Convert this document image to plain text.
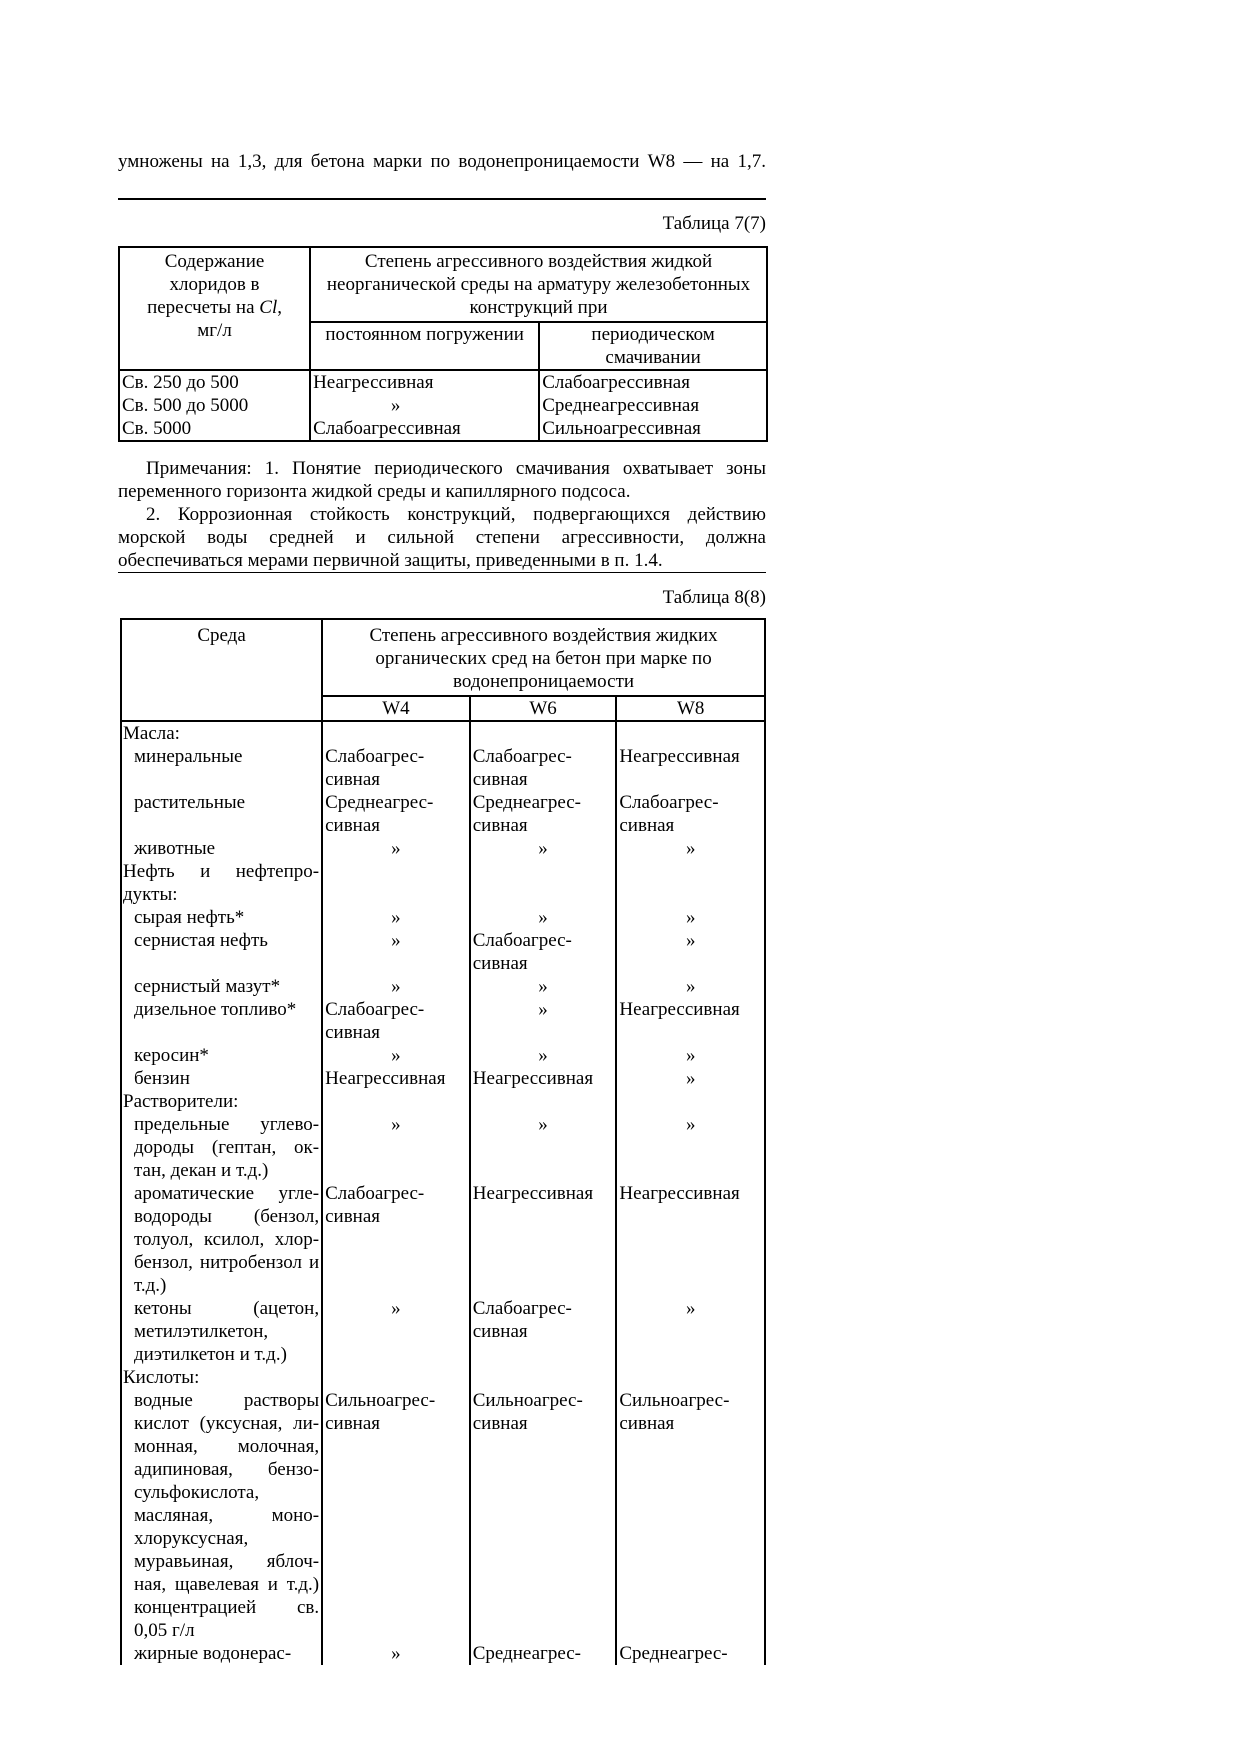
умножены на 1,3, для бетона марки по водонепроницаемости W8 — на 1,7.
Таблица 7(7)
Содержание
хлоридов в
пересчеты на Cl,
мг/л	Степень агрессивного воздействия жидкой неорганической среды на арматуру железобетонных конструкций при	
	постоянном погружении	периодическом смачивании
Св. 250 до 500	Неагрессивная	Слабоагрессивная
Св. 500 до 5000	»	Среднеагрессивная
Св. 5000	Слабоагрессивная	Сильноагрессивная
Примечания: 1. Понятие периодического смачивания охватывает зоны переменного горизонта жидкой среды и капиллярного подсоса.
2. Коррозионная стойкость конструкций, подвергающихся действию морской воды средней и сильной степени агрессивности, должна обеспечиваться мерами первичной защиты, приведенными в п. 1.4.
Таблица 8(8)
Среда	Степень агрессивного воздействия жидких органических сред на бетон при марке по водонепроницаемости		
	W4	W6	W8
Масла:			
минеральные	Слабоагрес-сивная	Слабоагрес-сивная	Неагрессивная
растительные	Среднеагрес-сивная	Среднеагрес-сивная	Слабоагрес-сивная
животные	»	»	»
Нефть и нефтепро-дукты:			
сырая нефть*	»	»	»
сернистая нефть	»	Слабоагрес-сивная	»
сернистый мазут*	»	»	»
дизельное топливо*	Слабоагрес-сивная	»	Неагрессивная
керосин*	»	»	»
бензин	Неагрессивная	Неагрессивная	»
Растворители:			
предельные углево-дороды (гептан, ок-тан, декан и т.д.)	»	»	»
ароматические угле-водороды (бензол, толуол, ксилол, хлор-бензол, нитробензол и т.д.)	Слабоагрес-сивная	Неагрессивная	Неагрессивная
кетоны (ацетон, метилэтилкетон, диэтилкетон и т.д.)	»	Слабоагрес-сивная	»
Кислоты:			
водные растворы кислот (уксусная, ли-монная, молочная, адипиновая, бензо-сульфокислота, масляная, моно-хлоруксусная, муравьиная, яблоч-ная, щавелевая и т.д.) концентрацией св. 0,05 г/л	Сильноагрес-сивная	Сильноагрес-сивная	Сильноагрес-сивная
жирные водонерас-	»	Среднеагрес-	Среднеагрес-
